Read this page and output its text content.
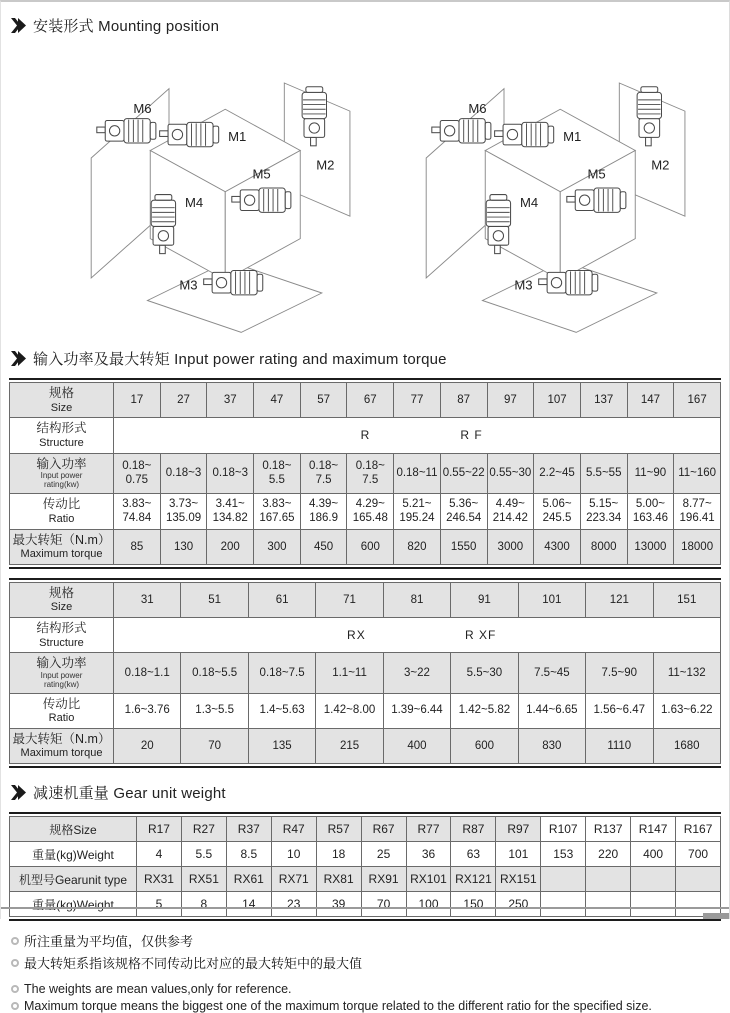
安装形式 Mounting position
输入功率及最大转矩 Input power rating and maximum torque
规格
Size	17	27	37	47	57	67	77	87	97	107	137	147	167

结构形式
Structure	R R F												

输入功率
Input power rating(kw)	0.18~​0.75	0.18~​3	0.18~​3	0.18~​5.5	0.18~​7.5	0.18~​7.5	0.18~​11	0.55~​22	0.55~​30	2.2~​45	5.5~​55	11~​90	11~​160

传动比
Ratio	3.83~​74.84	3.73~​135.09	3.41~​134.82	3.83~​167.65	4.39~​186.9	4.29~​165.48	5.21~​195.24	5.36~​246.54	4.49~​214.42	5.06~​245.5	5.15~​223.34	5.00~​163.46	8.77~​196.41

最大转矩（N.m）
Maximum torque	85	130	200	300	450	600	820	1550	3000	4300	8000	13000	18000
规格
Size	31	51	61	71	81	91	101	121	151

结构形式
Structure	RX R XF								

输入功率
Input power rating(kw)	0.18~​1.1	0.18~​5.5	0.18~​7.5	1.1~​11	3~​22	5.5~​30	7.5~​45	7.5~​90	11~​132

传动比
Ratio	1.6~​3.76	1.3~​5.5	1.4~​5.63	1.42~​8.00	1.39~​6.44	1.42~​5.82	1.44~​6.65	1.56~​6.47	1.63~​6.22

最大转矩（N.m）
Maximum torque	20	70	135	215	400	600	830	1110	1680
减速机重量 Gear unit weight
规格Size	R17	R27	R37	R47	R57	R67	R77	R87	R97	R107	R137	R147	R167
重量(kg)Weight	4	5.5	8.5	10	18	25	36	63	101	153	220	400	700
机型号Gearunit type	RX31	RX51	RX61	RX71	RX81	RX91	RX101	RX121	RX151				
重量(kg)Weight	5	8	14	23	39	70	100	150	250				
所注重量为平均值，仅供参考
最大转矩系指该规格不同传动比对应的最大转矩中的最大值
The weights are mean values,only for reference.
Maximum torque means the biggest one of the maximum torque related to the different ratio for the specified size.
